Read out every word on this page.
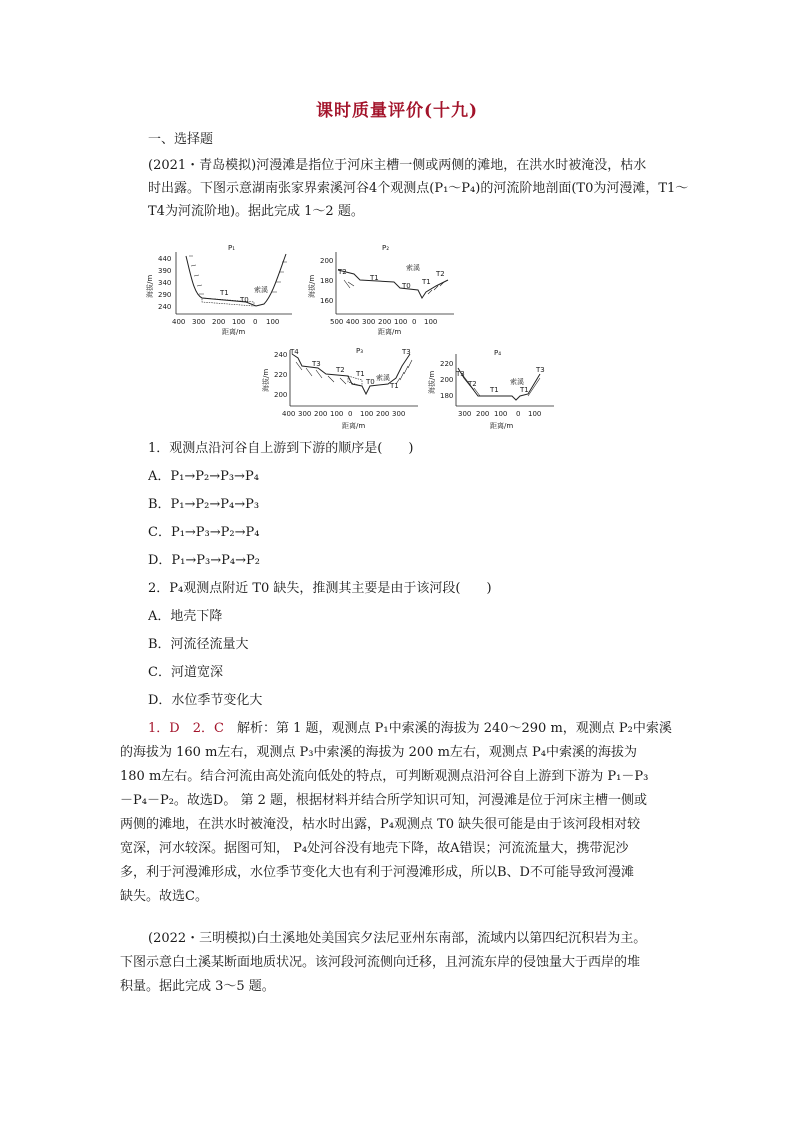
课时质量评价(十九)
一、选择题
(2021・青岛模拟)河漫滩是指位于河床主槽一侧或两侧的滩地，在洪水时被淹没，枯水
时出露。下图示意湖南张家界索溪河谷4个观测点(P₁～P₄)的河流阶地剖面(T0为河漫滩，T1～
T4为河流阶地)。据此完成 1～2 题。
P₁
海拔/m
440
390
340
290
240
T1
T0
索溪
400 300 200 100 0 100
距离/m
P₂
海拔/m
200
180
160
T2
T1
索溪
T0 T1
T2
500 400 300 200 100 0 100
距离/m
P₃
海拔/m
240
220
200
T4
T3
T2 T1 索溪
T0 T1
T3
400 300 200 100 0 100 200 300
距离/m
P₄
海拔/m
220
200
180
T3
T2
T1
索溪
T1
T3
300 200 100 0 100
距离/m
1．观测点沿河谷自上游到下游的顺序是(　　)
A．P₁→P₂→P₃→P₄
B．P₁→P₂→P₄→P₃
C．P₁→P₃→P₂→P₄
D．P₁→P₃→P₄→P₂
2．P₄观测点附近 T0 缺失，推测其主要是由于该河段(　　)
A．地壳下降
B．河流径流量大
C．河道宽深
D．水位季节变化大
1．D　2．C　 解析：第 1 题，观测点 P₁中索溪的海拔为 240～290 m，观测点 P₂中索溪
的海拔为 160 m左右，观测点 P₃中索溪的海拔为 200 m左右，观测点 P₄中索溪的海拔为
180 m左右。结合河流由高处流向低处的特点，可判断观测点沿河谷自上游到下游为 P₁－P₃
－P₄－P₂。故选D。 第 2 题，根据材料并结合所学知识可知，河漫滩是位于河床主槽一侧或
两侧的滩地，在洪水时被淹没，枯水时出露，P₄观测点 T0 缺失很可能是由于该河段相对较
宽深，河水较深。据图可知， P₄处河谷没有地壳下降，故A错误；河流流量大，携带泥沙
多，利于河漫滩形成，水位季节变化大也有利于河漫滩形成，所以B、D不可能导致河漫滩
缺失。故选C。
(2022・三明模拟)白土溪地处美国宾夕法尼亚州东南部，流域内以第四纪沉积岩为主。
下图示意白土溪某断面地质状况。该河段河流侧向迁移，且河流东岸的侵蚀量大于西岸的堆
积量。据此完成 3～5 题。
